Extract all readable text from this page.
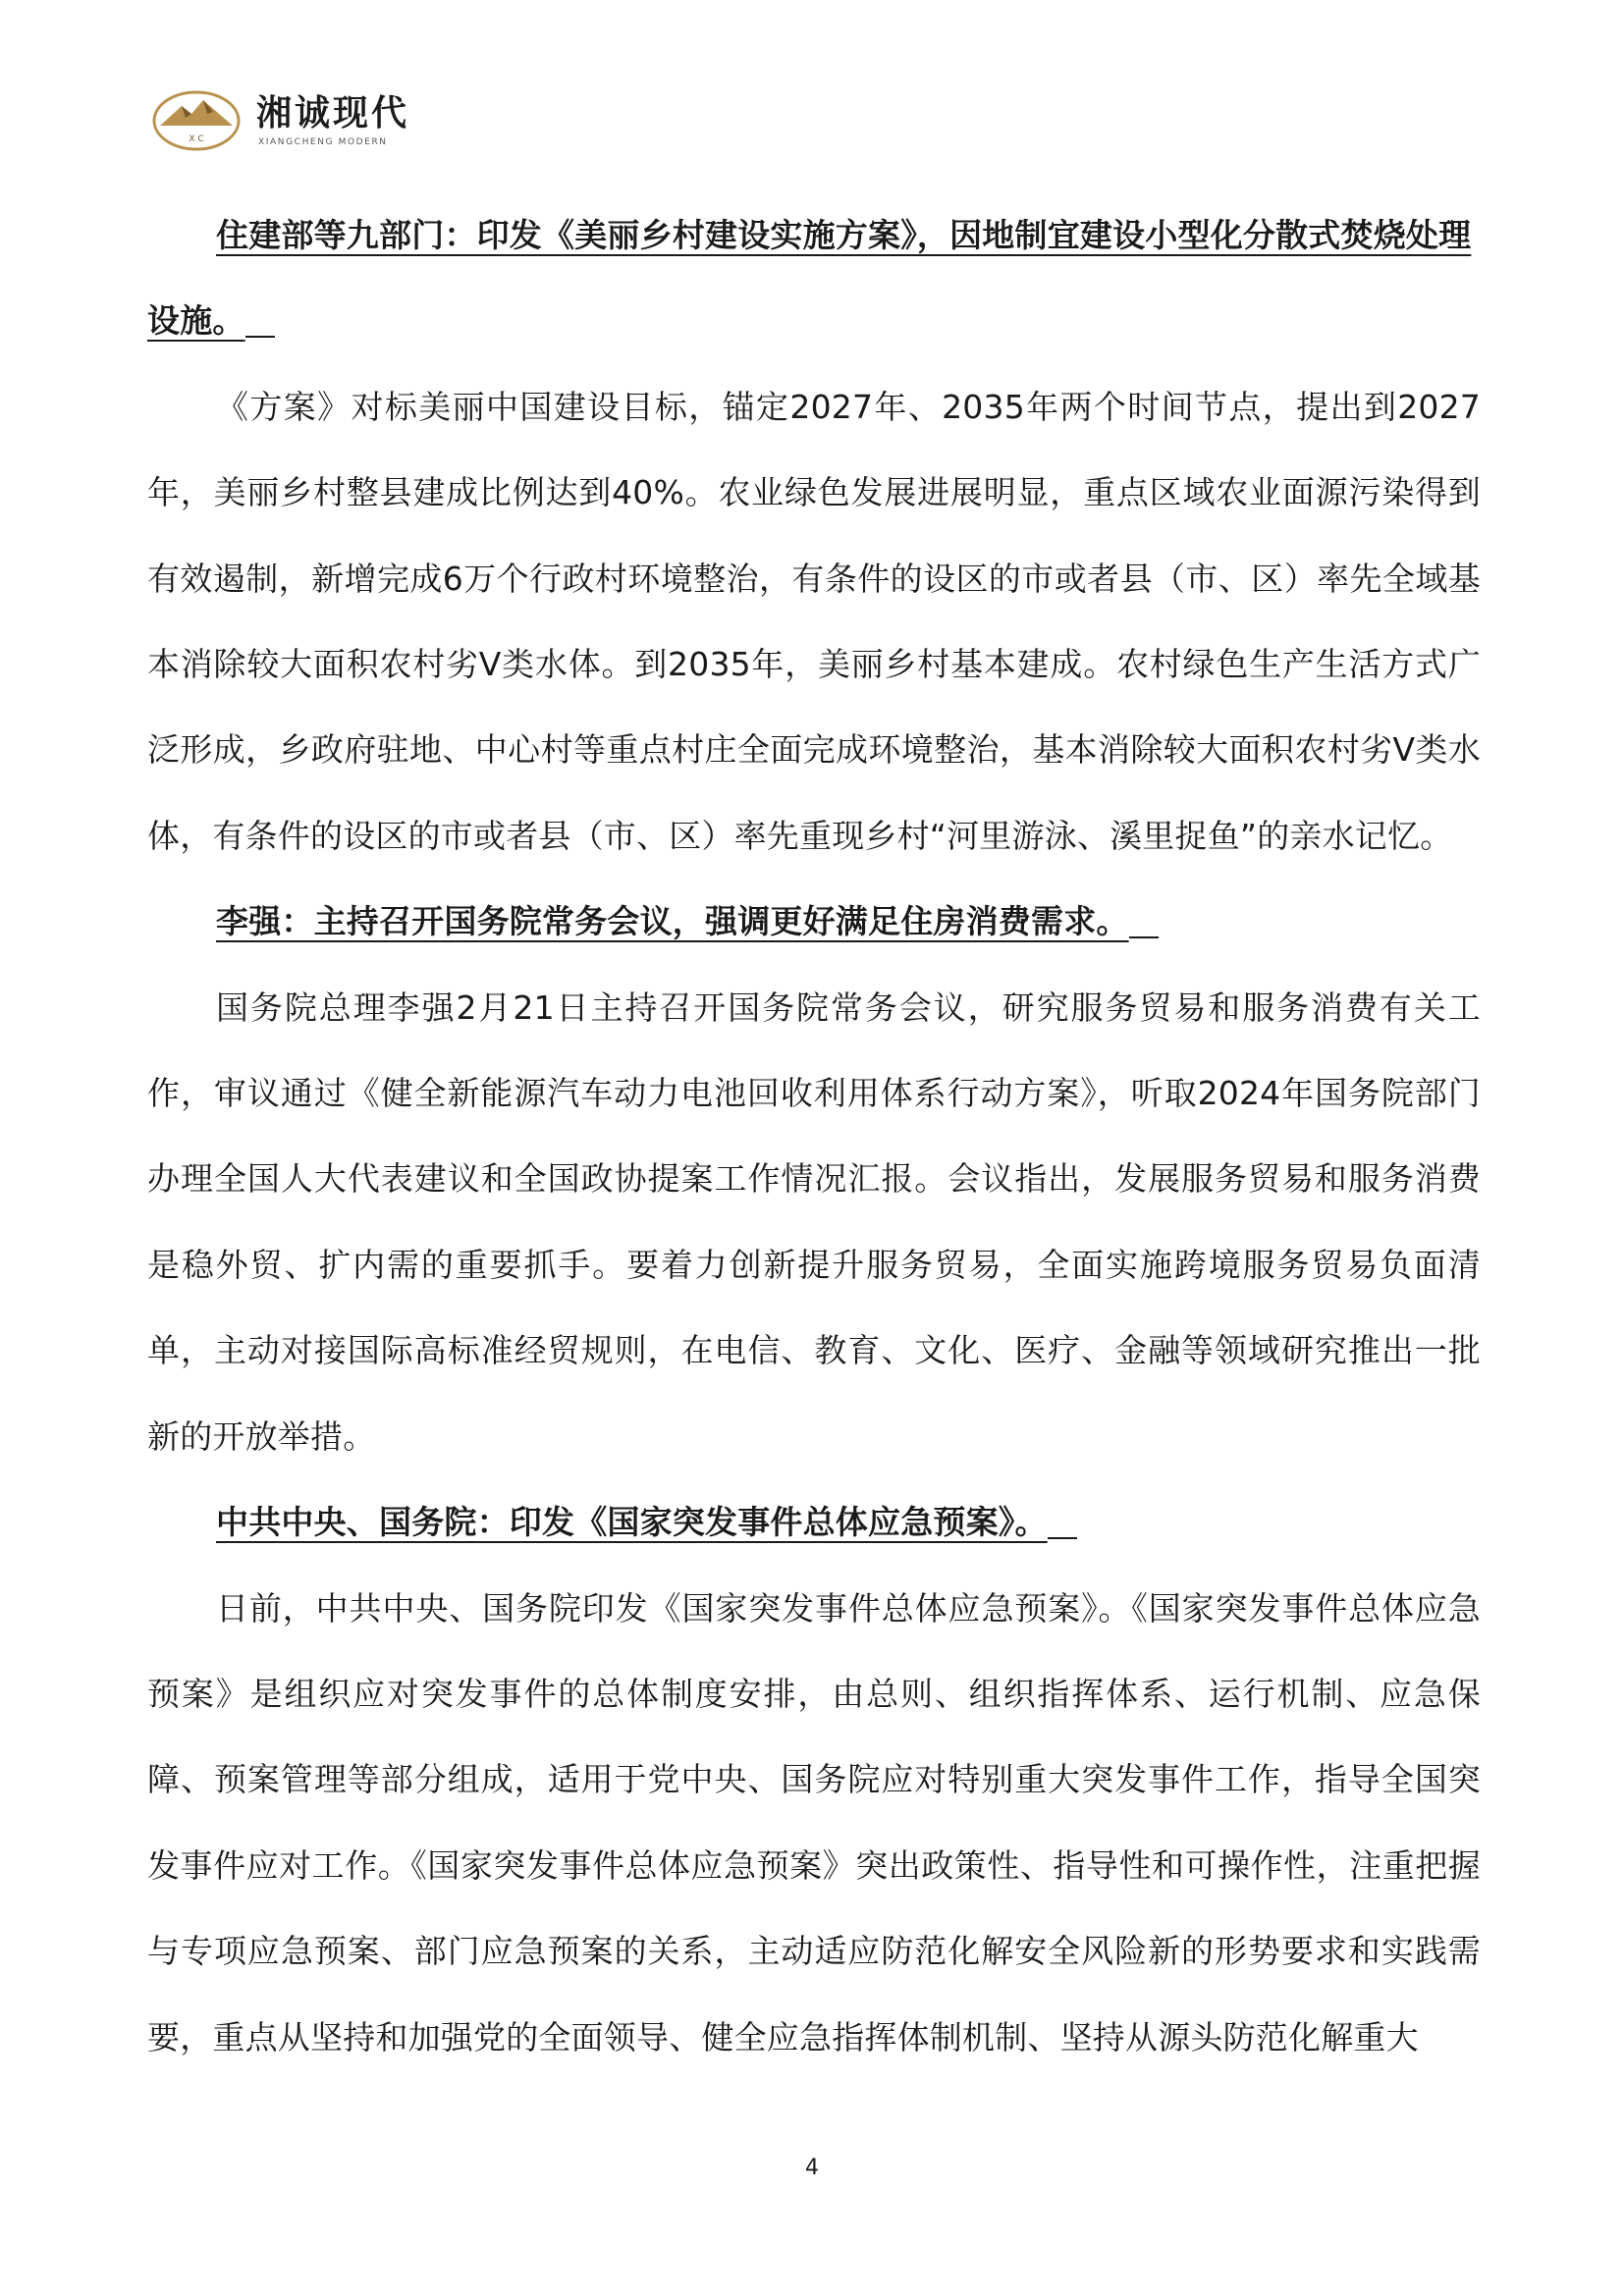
X C
湘诚现代
XIANGCHENG MODERN

住建部等九部门：印发《美丽乡村建设实施方案》，因地制宜建设小型化分散式焚烧处理设施。

《方案》对标美丽中国建设目标，锚定2027年、2035年两个时间节点，提出到2027年，美丽乡村整县建成比例达到40%。农业绿色发展进展明显，重点区域农业面源污染得到有效遏制，新增完成6万个行政村环境整治，有条件的设区的市或者县（市、区）率先全域基本消除较大面积农村劣V类水体。到2035年，美丽乡村基本建成。农村绿色生产生活方式广泛形成，乡政府驻地、中心村等重点村庄全面完成环境整治，基本消除较大面积农村劣V类水体，有条件的设区的市或者县（市、区）率先重现乡村“河里游泳、溪里捉鱼”的亲水记忆。

李强：主持召开国务院常务会议，强调更好满足住房消费需求。

国务院总理李强2月21日主持召开国务院常务会议，研究服务贸易和服务消费有关工作，审议通过《健全新能源汽车动力电池回收利用体系行动方案》，听取2024年国务院部门办理全国人大代表建议和全国政协提案工作情况汇报。会议指出，发展服务贸易和服务消费是稳外贸、扩内需的重要抓手。要着力创新提升服务贸易，全面实施跨境服务贸易负面清单，主动对接国际高标准经贸规则，在电信、教育、文化、医疗、金融等领域研究推出一批新的开放举措。

中共中央、国务院：印发《国家突发事件总体应急预案》。

日前，中共中央、国务院印发《国家突发事件总体应急预案》。《国家突发事件总体应急预案》是组织应对突发事件的总体制度安排，由总则、组织指挥体系、运行机制、应急保障、预案管理等部分组成，适用于党中央、国务院应对特别重大突发事件工作，指导全国突发事件应对工作。《国家突发事件总体应急预案》突出政策性、指导性和可操作性，注重把握与专项应急预案、部门应急预案的关系，主动适应防范化解安全风险新的形势要求和实践需要，重点从坚持和加强党的全面领导、健全应急指挥体制机制、坚持从源头防范化解重大

4
